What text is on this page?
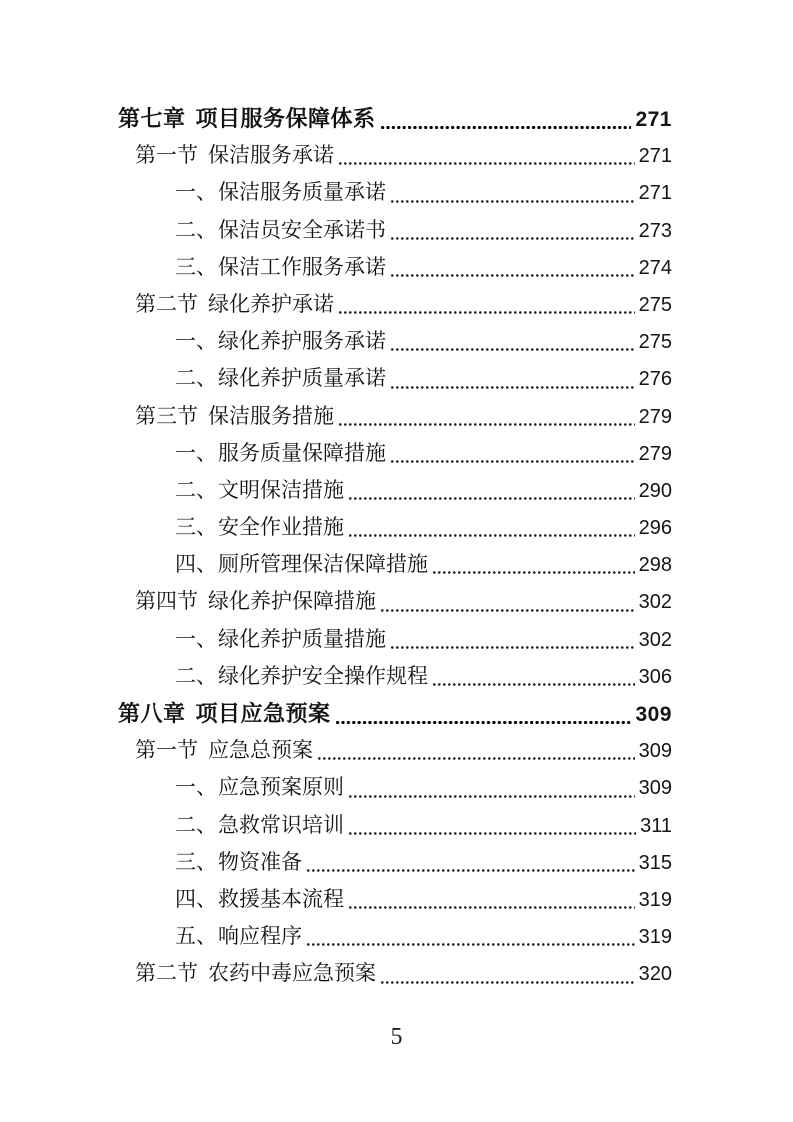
第七章 项目服务保障体系	271
第一节 保洁服务承诺	271
一、 保洁服务质量承诺	271
二、 保洁员安全承诺书	273
三、 保洁工作服务承诺	274
第二节 绿化养护承诺	275
一、 绿化养护服务承诺	275
二、 绿化养护质量承诺	276
第三节 保洁服务措施	279
一、 服务质量保障措施	279
二、 文明保洁措施	290
三、 安全作业措施	296
四、 厕所管理保洁保障措施	298
第四节 绿化养护保障措施	302
一、 绿化养护质量措施	302
二、 绿化养护安全操作规程	306
第八章 项目应急预案	309
第一节 应急总预案	309
一、 应急预案原则	309
二、 急救常识培训	311
三、 物资准备	315
四、 救援基本流程	319
五、 响应程序	319
第二节 农药中毒应急预案	320
5
